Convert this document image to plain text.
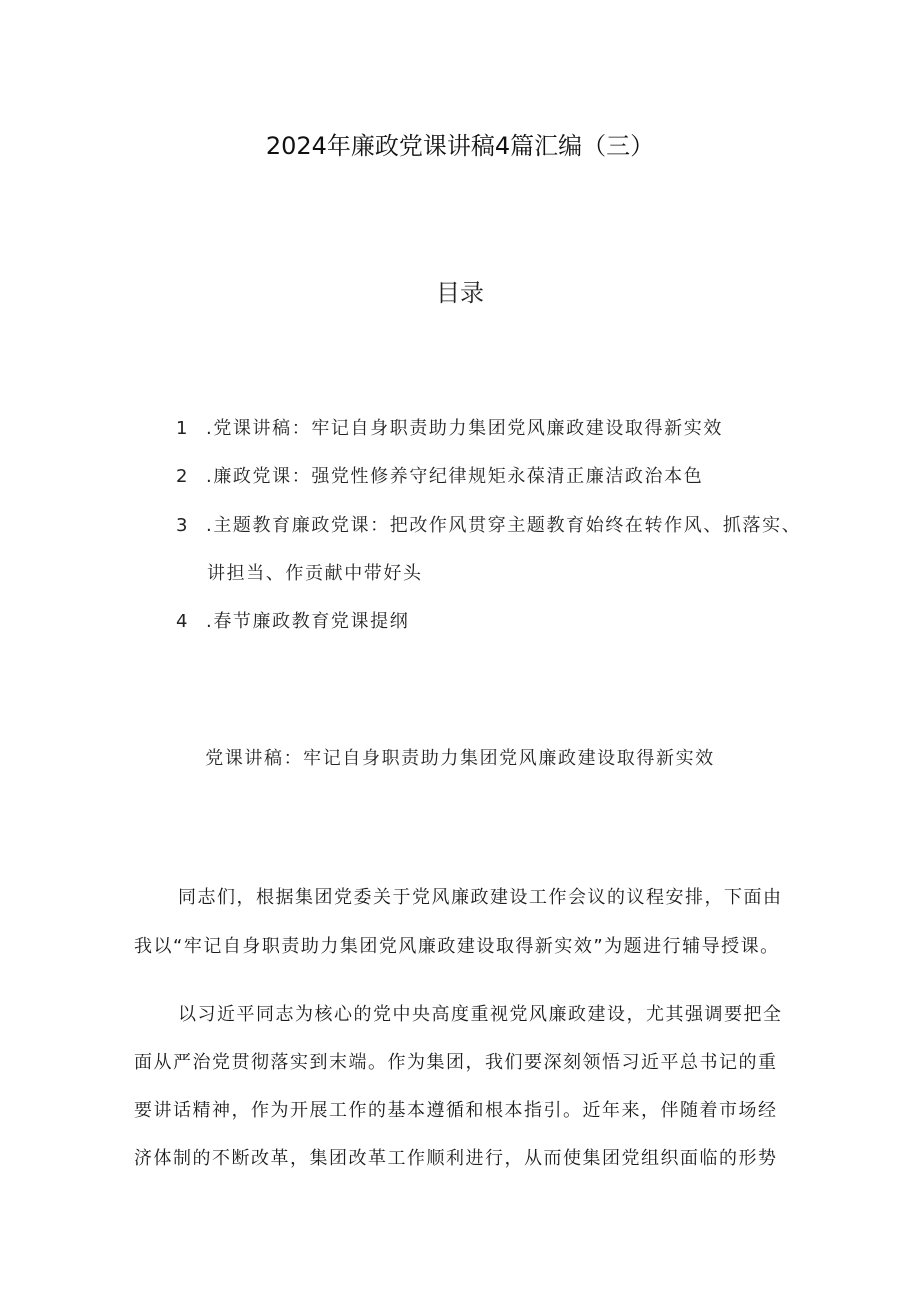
2024年廉政党课讲稿4篇汇编（三）
目录
1 .党课讲稿：牢记自身职责助力集团党风廉政建设取得新实效
2 .廉政党课：强党性修养守纪律规矩永葆清正廉洁政治本色
3 .主题教育廉政党课：把改作风贯穿主题教育始终在转作风、抓落实、
讲担当、作贡献中带好头
4 .春节廉政教育党课提纲
党课讲稿：牢记自身职责助力集团党风廉政建设取得新实效
同志们，根据集团党委关于党风廉政建设工作会议的议程安排，下面由
我以“牢记自身职责助力集团党风廉政建设取得新实效”为题进行辅导授课。
以习近平同志为核心的党中央高度重视党风廉政建设，尤其强调要把全
面从严治党贯彻落实到末端。作为集团，我们要深刻领悟习近平总书记的重
要讲话精神，作为开展工作的基本遵循和根本指引。近年来，伴随着市场经
济体制的不断改革，集团改革工作顺利进行，从而使集团党组织面临的形势
